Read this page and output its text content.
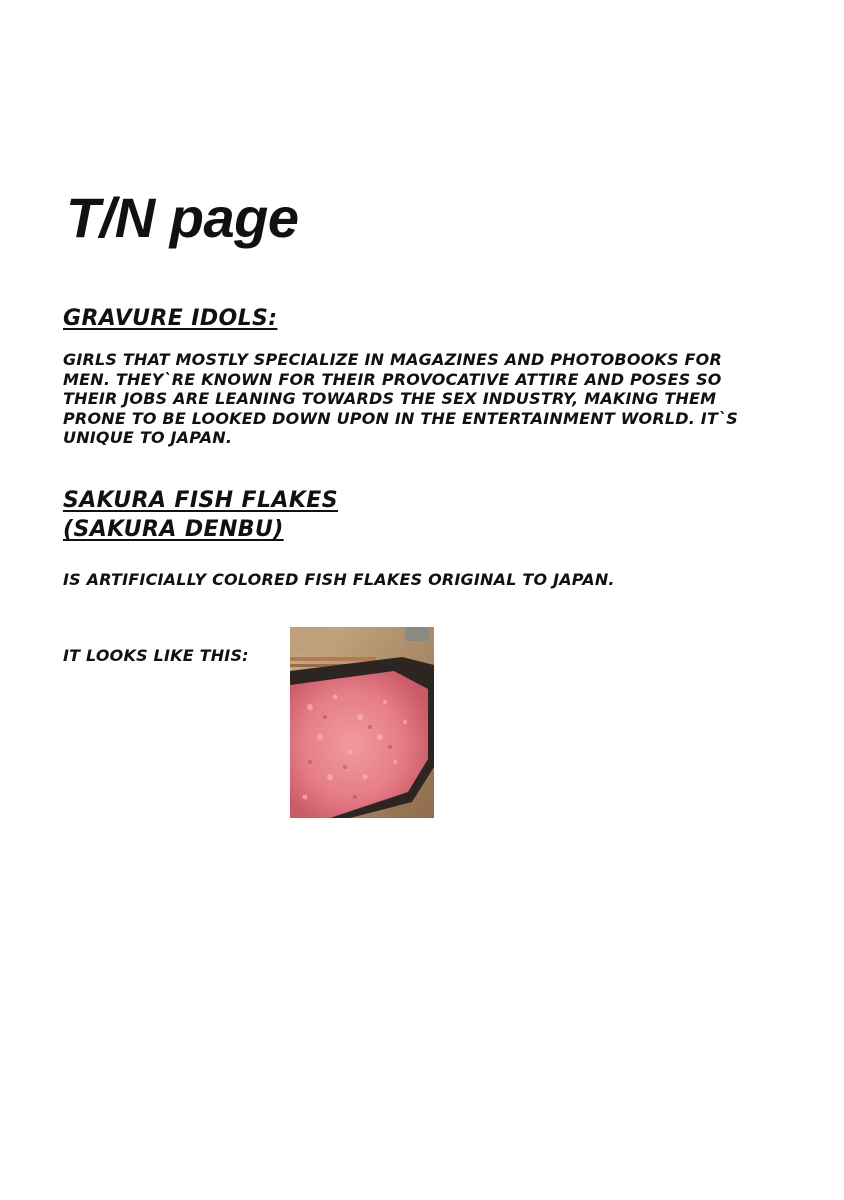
T/N page
GRAVURE IDOLS:

GIRLS THAT MOSTLY SPECIALIZE IN MAGAZINES AND PHOTOBOOKS FOR MEN. THEY`RE KNOWN FOR THEIR PROVOCATIVE ATTIRE AND POSES SO THEIR JOBS ARE LEANING TOWARDS THE SEX INDUSTRY, MAKING THEM PRONE TO BE LOOKED DOWN UPON IN THE ENTERTAINMENT WORLD. IT`S UNIQUE TO JAPAN.

SAKURA FISH FLAKES
(SAKURA DENBU)

IS ARTIFICIALLY COLORED FISH FLAKES ORIGINAL TO JAPAN.

IT LOOKS LIKE THIS:
